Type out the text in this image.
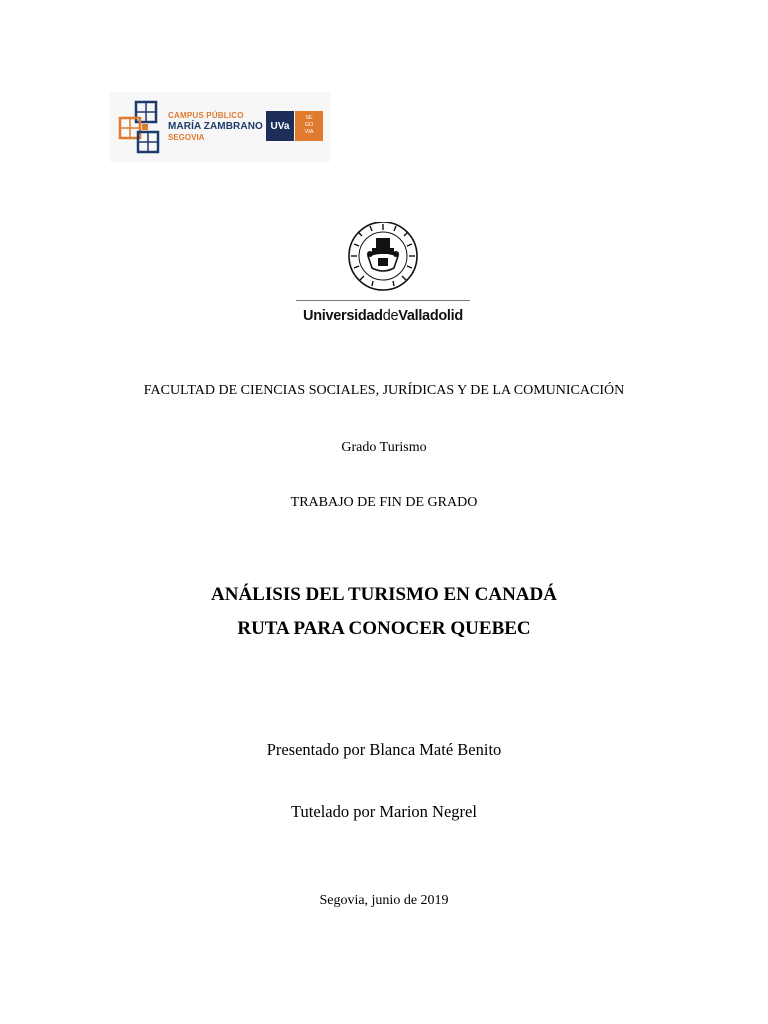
CAMPUS PÚBLICO
MARÍA ZAMBRANO
SEGOVIA
UVa
SE
GO
VIA
UniversidaddeValladolid
FACULTAD DE CIENCIAS SOCIALES, JURÍDICAS Y DE LA COMUNICACIÓN
Grado Turismo
TRABAJO DE FIN DE GRADO
ANÁLISIS DEL TURISMO EN CANADÁ
RUTA PARA CONOCER QUEBEC
Presentado por Blanca Maté Benito
Tutelado por Marion Negrel
Segovia, junio de 2019
